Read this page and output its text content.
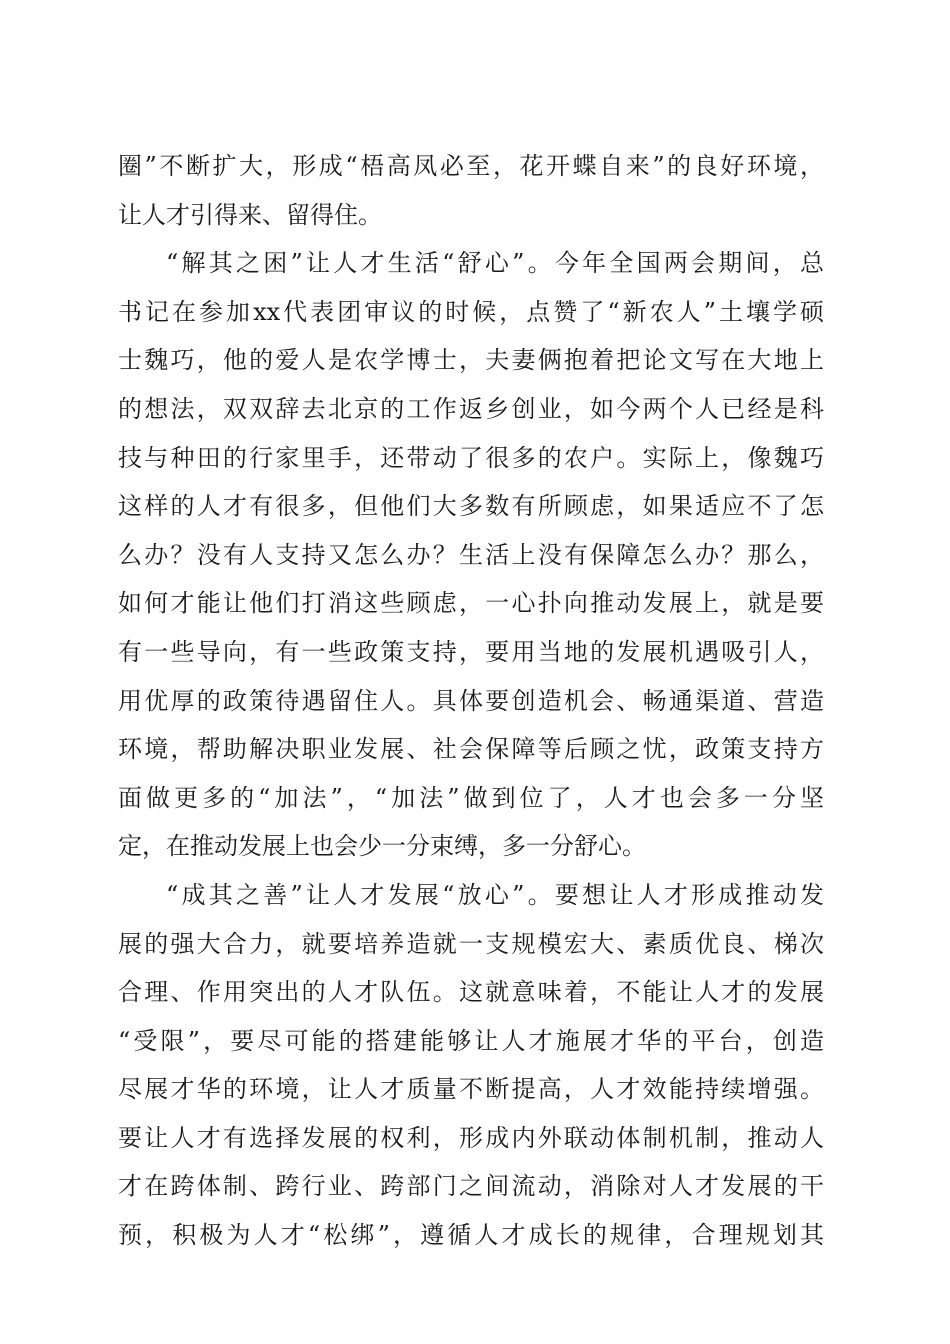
圈”不断扩大，形成“梧高凤必至，花开蝶自来”的良好环境，
让人才引得来、留得住。
“解其之困”让人才生活“舒心”。今年全国两会期间，总
书记在参加xx代表团审议的时候，点赞了“新农人”土壤学硕
士魏巧，他的爱人是农学博士，夫妻俩抱着把论文写在大地上
的想法，双双辞去北京的工作返乡创业，如今两个人已经是科
技与种田的行家里手，还带动了很多的农户。实际上，像魏巧
这样的人才有很多，但他们大多数有所顾虑，如果适应不了怎
么办？没有人支持又怎么办？生活上没有保障怎么办？那么，
如何才能让他们打消这些顾虑，一心扑向推动发展上，就是要
有一些导向，有一些政策支持，要用当地的发展机遇吸引人，
用优厚的政策待遇留住人。具体要创造机会、畅通渠道、营造
环境，帮助解决职业发展、社会保障等后顾之忧，政策支持方
面做更多的“加法”，“加法”做到位了，人才也会多一分坚
定，在推动发展上也会少一分束缚，多一分舒心。
“成其之善”让人才发展“放心”。要想让人才形成推动发
展的强大合力，就要培养造就一支规模宏大、素质优良、梯次
合理、作用突出的人才队伍。这就意味着，不能让人才的发展
“受限”，要尽可能的搭建能够让人才施展才华的平台，创造
尽展才华的环境，让人才质量不断提高，人才效能持续增强。
要让人才有选择发展的权利，形成内外联动体制机制，推动人
才在跨体制、跨行业、跨部门之间流动，消除对人才发展的干
预，积极为人才“松绑”，遵循人才成长的规律，合理规划其
